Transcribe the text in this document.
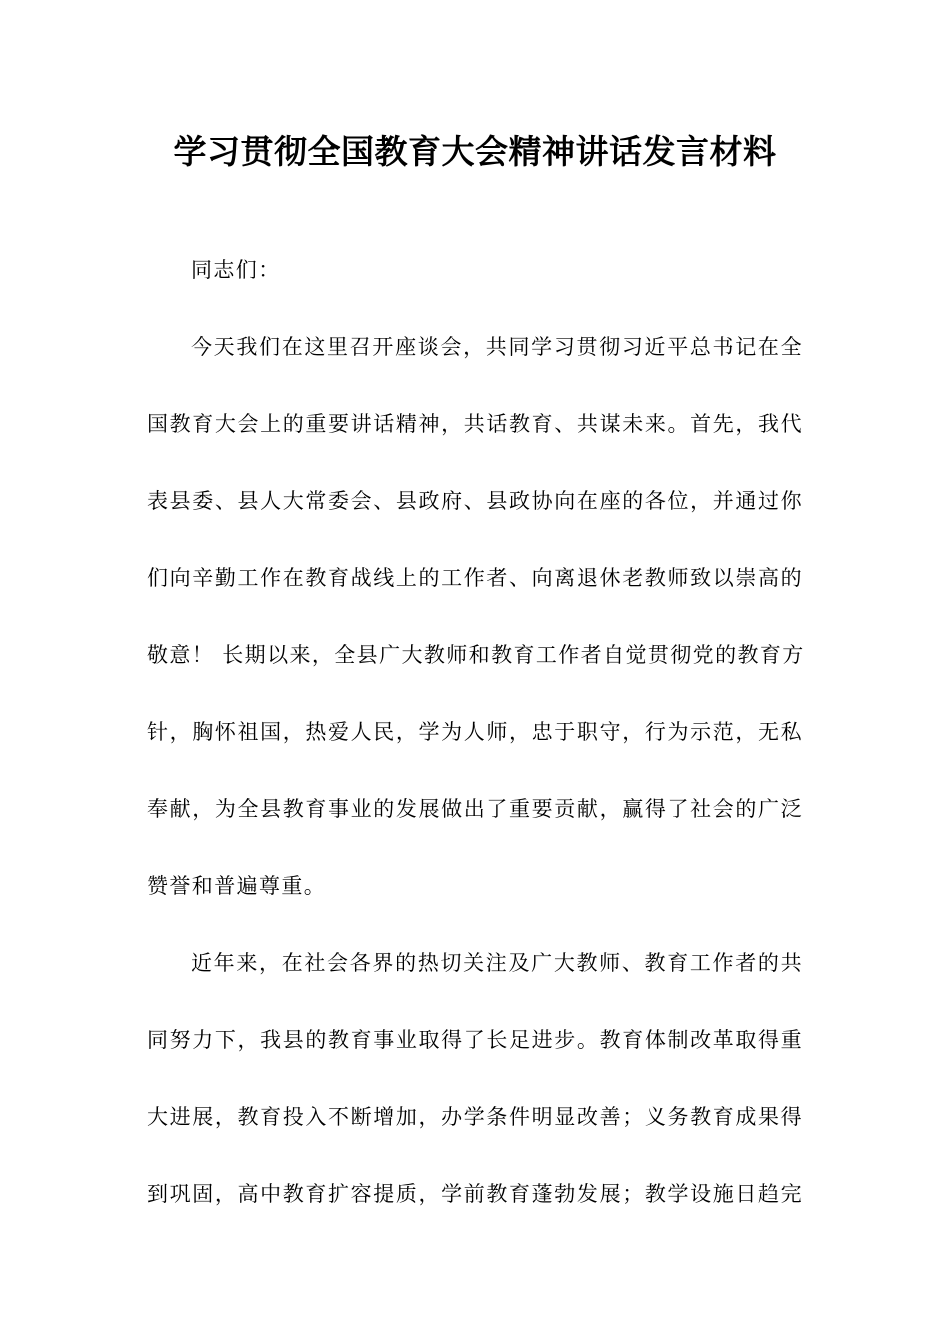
学习贯彻全国教育大会精神讲话发言材料
同志们：
今天我们在这里召开座谈会，共同学习贯彻习近平总书记在全
国教育大会上的重要讲话精神，共话教育、共谋未来。首先，我代
表县委、县人大常委会、县政府、县政协向在座的各位，并通过你
们向辛勤工作在教育战线上的工作者、向离退休老教师致以崇高的
敬意！ 长期以来，全县广大教师和教育工作者自觉贯彻党的教育方
针，胸怀祖国，热爱人民，学为人师，忠于职守，行为示范，无私
奉献，为全县教育事业的发展做出了重要贡献，赢得了社会的广泛
赞誉和普遍尊重。
近年来，在社会各界的热切关注及广大教师、教育工作者的共
同努力下，我县的教育事业取得了长足进步。教育体制改革取得重
大进展，教育投入不断增加，办学条件明显改善；义务教育成果得
到巩固，高中教育扩容提质，学前教育蓬勃发展；教学设施日趋完
